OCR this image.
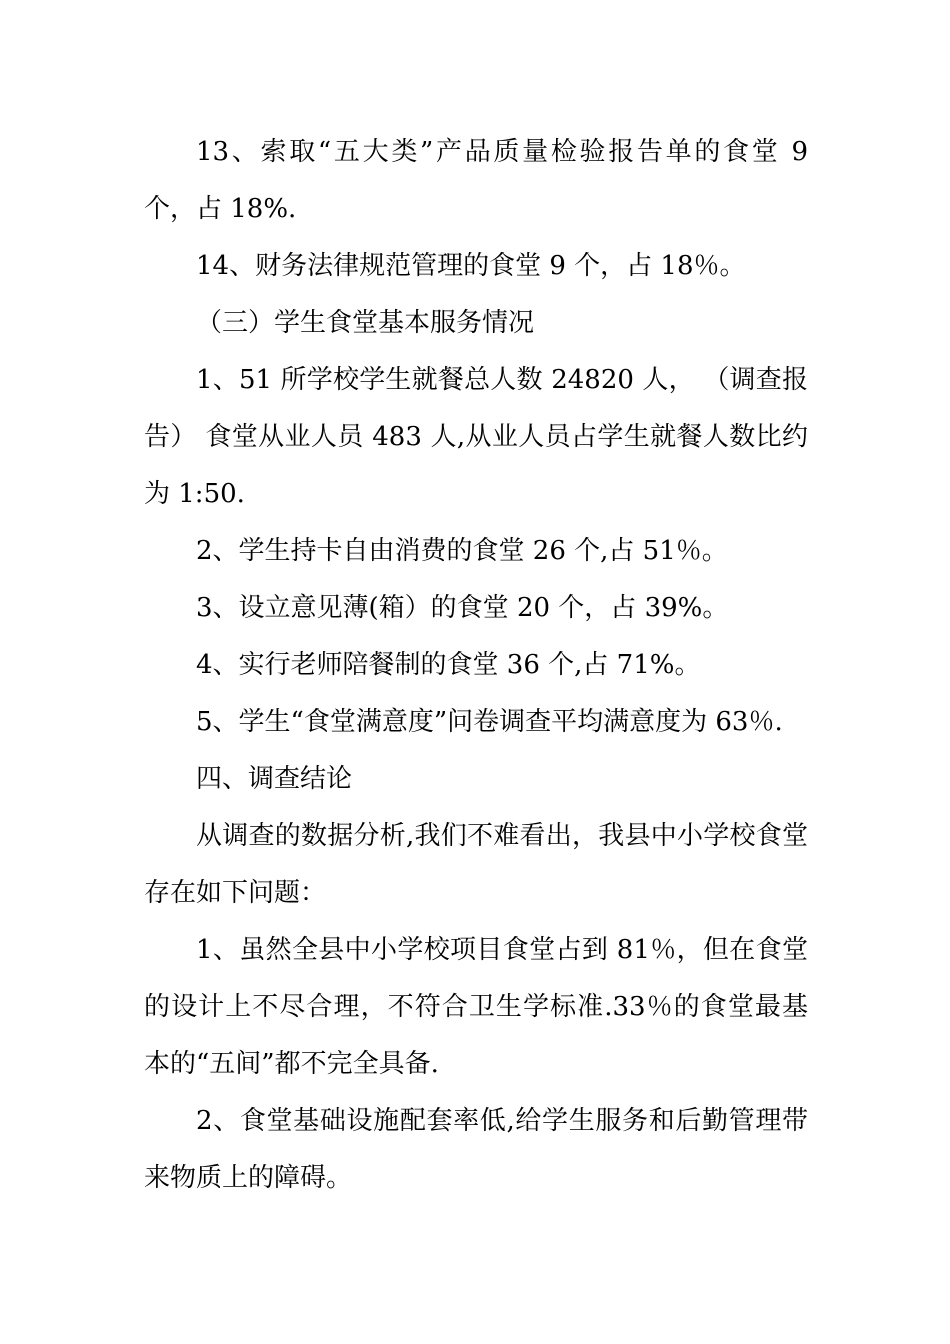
13、索取“五大类”产品质量检验报告单的食堂 9 个，占 18%.

14、财务法律规范管理的食堂 9 个，占 18％。

（三）学生食堂基本服务情况

1、51 所学校学生就餐总人数 24820 人， （调查报告） 食堂从业人员 483 人,从业人员占学生就餐人数比约为 1:50.

2、学生持卡自由消费的食堂 26 个,占 51％。

3、设立意见薄(箱）的食堂 20 个，占 39%。

4、实行老师陪餐制的食堂 36 个,占 71%。

5、学生“食堂满意度”问卷调查平均满意度为 63％.

四、调查结论

从调查的数据分析,我们不难看出，我县中小学校食堂存在如下问题：

1、虽然全县中小学校项目食堂占到 81％，但在食堂的设计上不尽合理，不符合卫生学标准.33％的食堂最基本的“五间”都不完全具备.

2、食堂基础设施配套率低,给学生服务和后勤管理带来物质上的障碍。
